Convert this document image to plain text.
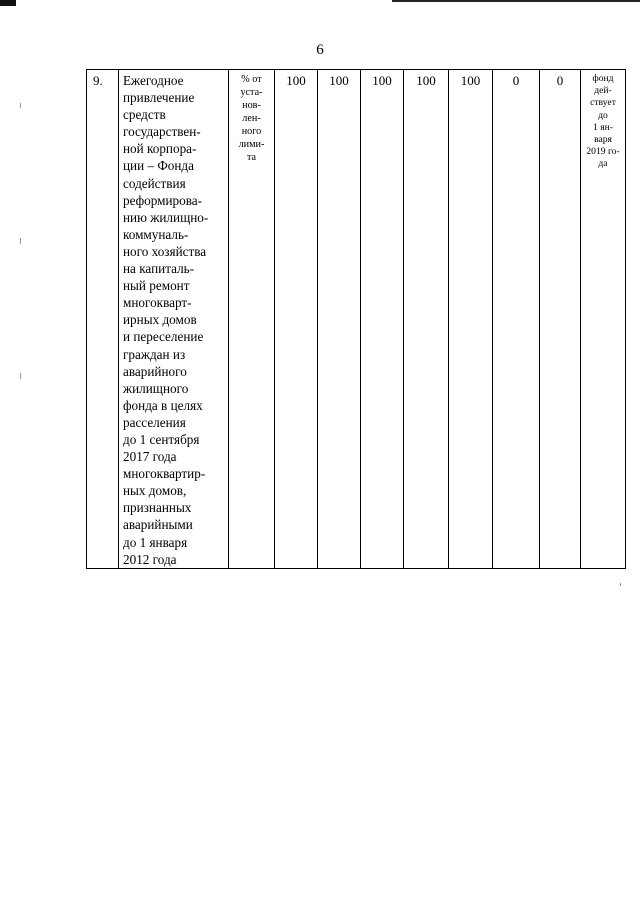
6
9.	Ежегодное
привлечение
средств
государствен-
ной корпора-
ции – Фонда
содействия
реформирова-
нию жилищно-
коммуналь-
ного хозяйства
на капиталь-
ный ремонт
многокварт-
ирных домов
и переселение
граждан из
аварийного
жилищного
фонда в целях
расселения
до 1 сентября
2017 года
многоквартир-
ных домов,
признанных
аварийными
до 1 января
2012 года	% от
уста-
нов-
лен-
ного
лими-
та	100	100	100	100	100	0	0	фонд
дей-
ствует
до
1 ян-
варя
2019 го-
да
